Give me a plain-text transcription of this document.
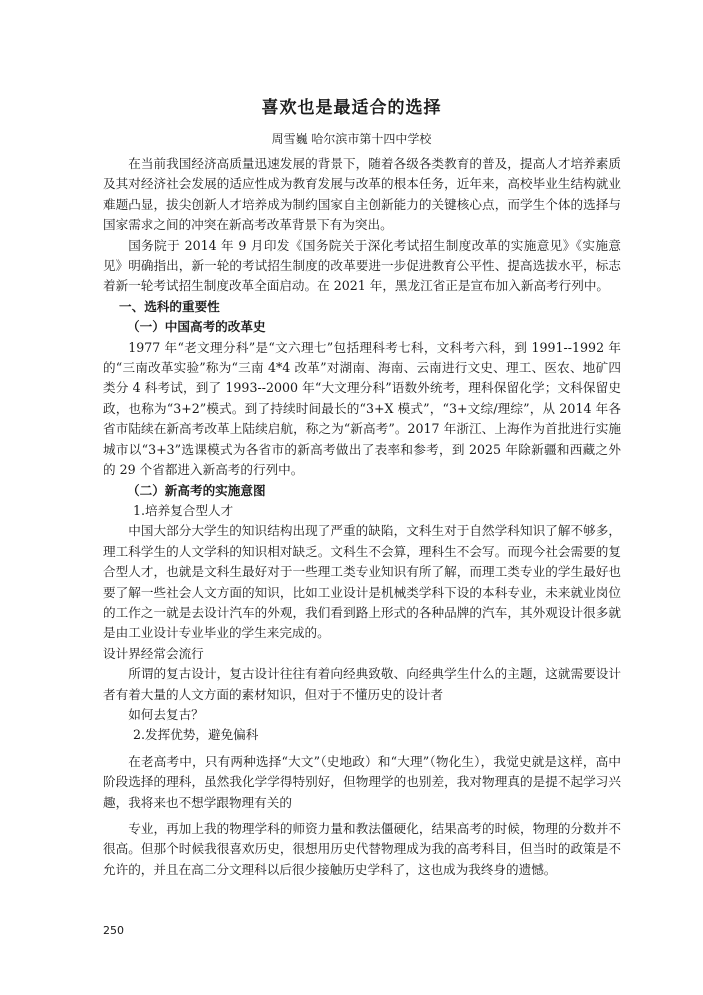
喜欢也是最适合的选择
周雪巍 哈尔滨市第十四中学校

在当前我国经济高质量迅速发展的背景下，随着各级各类教育的普及，提高人才培养素质及其对经济社会发展的适应性成为教育发展与改革的根本任务，近年来，高校毕业生结构就业难题凸显，拔尖创新人才培养成为制约国家自主创新能力的关键核心点，而学生个体的选择与国家需求之间的冲突在新高考改革背景下有为突出。

国务院于 2014 年 9 月印发《国务院关于深化考试招生制度改革的实施意见》《实施意见》明确指出，新一轮的考试招生制度的改革要进一步促进教育公平性、提高选拔水平，标志着新一轮考试招生制度改革全面启动。在 2021 年，黑龙江省正是宣布加入新高考行列中。

一、选科的重要性

（一）中国高考的改革史

1977 年“老文理分科”是“文六理七”包括理科考七科，文科考六科，到 1991--1992 年的“三南改革实验”称为“三南 4*4 改革”对湖南、海南、云南进行文史、理工、医农、地矿四类分 4 科考试，到了 1993--2000 年“大文理分科”语数外统考，理科保留化学；文科保留史政，也称为“3+2”模式。到了持续时间最长的“3+X 模式”，“3+文综/理综”，从 2014 年各省市陆续在新高考改革上陆续启航，称之为“新高考”。2017 年浙江、上海作为首批进行实施城市以“3+3”选课模式为各省市的新高考做出了表率和参考，到 2025 年除新疆和西藏之外的 29 个省都进入新高考的行列中。

（二）新高考的实施意图

1.培养复合型人才

中国大部分大学生的知识结构出现了严重的缺陷，文科生对于自然学科知识了解不够多，理工科学生的人文学科的知识相对缺乏。文科生不会算，理科生不会写。而现今社会需要的复合型人才，也就是文科生最好对于一些理工类专业知识有所了解，而理工类专业的学生最好也要了解一些社会人文方面的知识，比如工业设计是机械类学科下设的本科专业，未来就业岗位的工作之一就是去设计汽车的外观，我们看到路上形式的各种品牌的汽车，其外观设计很多就是由工业设计专业毕业的学生来完成的。

设计界经常会流行

所谓的复古设计，复古设计往往有着向经典致敬、向经典学生什么的主题，这就需要设计者有着大量的人文方面的素材知识，但对于不懂历史的设计者

如何去复古？

2.发挥优势，避免偏科

在老高考中，只有两种选择“大文”（史地政）和“大理”（物化生），我觉史就是这样，高中阶段选择的理科，虽然我化学学得特别好，但物理学的也别差，我对物理真的是提不起学习兴趣，我将来也不想学跟物理有关的

专业，再加上我的物理学科的师资力量和教法僵硬化，结果高考的时候，物理的分数并不很高。但那个时候我很喜欢历史，很想用历史代替物理成为我的高考科目，但当时的政策是不允许的，并且在高二分文理科以后很少接触历史学科了，这也成为我终身的遗憾。

250
